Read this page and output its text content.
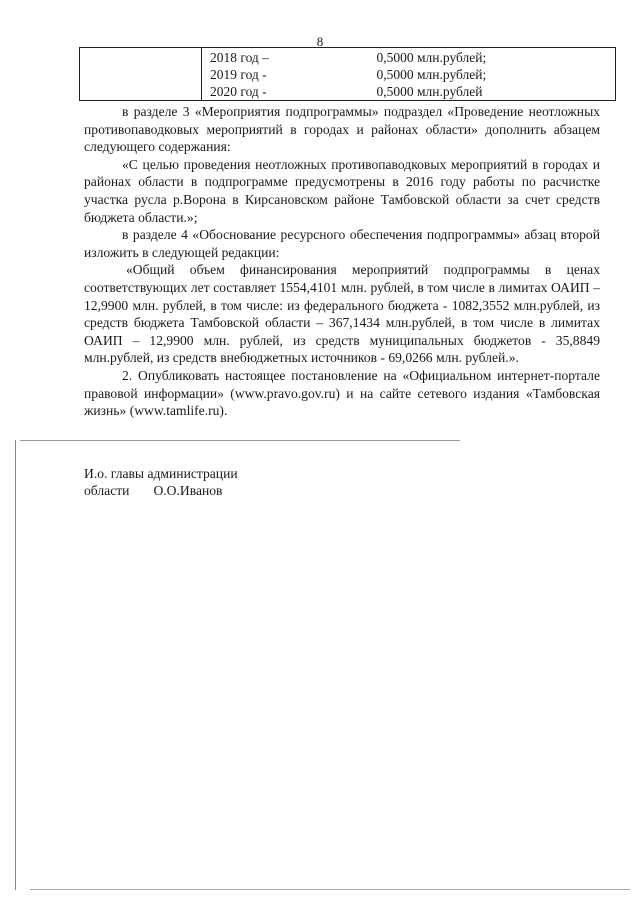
8

2018 год –	0,5000 млн.рублей;
2019 год -	0,5000 млн.рублей;
2020 год -	0,5000 млн.рублей

в разделе 3 «Мероприятия подпрограммы» подраздел «Проведение неотложных противопаводковых мероприятий в городах и районах области» дополнить абзацем следующего содержания:

«С целью проведения неотложных противопаводковых мероприятий в городах и районах области в подпрограмме предусмотрены в 2016 году работы по расчистке участка русла р.Ворона в Кирсановском районе Тамбовской области за счет средств бюджета области.»;

в разделе 4 «Обоснование ресурсного обеспечения подпрограммы» абзац второй изложить в следующей редакции:

«Общий объем финансирования мероприятий подпрограммы в ценах соответствующих лет составляет 1554,4101 млн. рублей, в том числе в лимитах ОАИП – 12,9900 млн. рублей, в том числе: из федерального бюджета - 1082,3552 млн.рублей, из средств бюджета Тамбовской области – 367,1434 млн.рублей, в том числе в лимитах ОАИП – 12,9900 млн. рублей, из средств муниципальных бюджетов - 35,8849 млн.рублей, из средств внебюджетных источников - 69,0266 млн. рублей.».

2. Опубликовать настоящее постановление на «Официальном интернет-портале правовой информации» (www.pravo.gov.ru) и на сайте сетевого издания «Тамбовская жизнь» (www.tamlife.ru).

И.о. главы администрации
области О.О.Иванов
